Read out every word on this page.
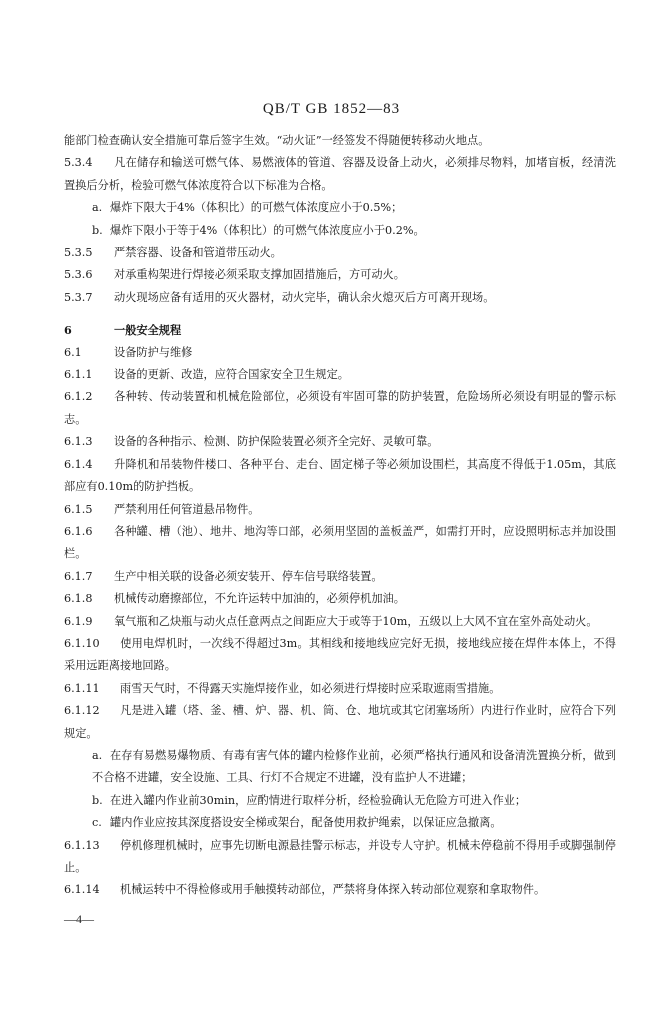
QB/T GB 1852—83

能部门检查确认安全措施可靠后签字生效。“动火证”一经签发不得随便转移动火地点。

5.3.4 凡在储存和输送可燃气体、易燃液体的管道、容器及设备上动火，必须排尽物料，加堵盲板，经清洗置换后分析，检验可燃气体浓度符合以下标准为合格。

a. 爆炸下限大于4%（体积比）的可燃气体浓度应小于0.5%；

b. 爆炸下限小于等于4%（体积比）的可燃气体浓度应小于0.2%。

5.3.5 严禁容器、设备和管道带压动火。

5.3.6 对承重构架进行焊接必须采取支撑加固措施后，方可动火。

5.3.7 动火现场应备有适用的灭火器材，动火完毕，确认余火熄灭后方可离开现场。

6	一般安全规程

6.1	设备防护与维修

6.1.1 设备的更新、改造，应符合国家安全卫生规定。

6.1.2 各种转、传动装置和机械危险部位，必须设有牢固可靠的防护装置，危险场所必须设有明显的警示标志。

6.1.3 设备的各种指示、检测、防护保险装置必须齐全完好、灵敏可靠。

6.1.4 升降机和吊装物件楼口、各种平台、走台、固定梯子等必须加设围栏，其高度不得低于1.05m，其底部应有0.10m的防护挡板。

6.1.5 严禁利用任何管道悬吊物件。

6.1.6 各种罐、槽（池）、地井、地沟等口部，必须用坚固的盖板盖严，如需打开时，应设照明标志并加设围栏。

6.1.7 生产中相关联的设备必须安装开、停车信号联络装置。

6.1.8 机械传动磨擦部位，不允许运转中加油的，必须停机加油。

6.1.9 氧气瓶和乙炔瓶与动火点任意两点之间距应大于或等于10m，五级以上大风不宜在室外高处动火。

6.1.10 使用电焊机时，一次线不得超过3m。其相线和接地线应完好无损，接地线应接在焊件本体上，不得采用远距离接地回路。

6.1.11 雨雪天气时，不得露天实施焊接作业，如必须进行焊接时应采取遮雨雪措施。

6.1.12 凡是进入罐（塔、釜、槽、炉、器、机、筒、仓、地坑或其它闭塞场所）内进行作业时，应符合下列规定。

a. 在存有易燃易爆物质、有毒有害气体的罐内检修作业前，必须严格执行通风和设备清洗置换分析，做到不合格不进罐，安全设施、工具、行灯不合规定不进罐，没有监护人不进罐；

b. 在进入罐内作业前30min，应酌情进行取样分析，经检验确认无危险方可进入作业；

c. 罐内作业应按其深度搭设安全梯或架台，配备使用救护绳索，以保证应急撤离。

6.1.13 停机修理机械时，应事先切断电源悬挂警示标志，并设专人守护。机械未停稳前不得用手或脚强制停止。

6.1.14 机械运转中不得检修或用手触摸转动部位，严禁将身体探入转动部位观察和拿取物件。

—4—
